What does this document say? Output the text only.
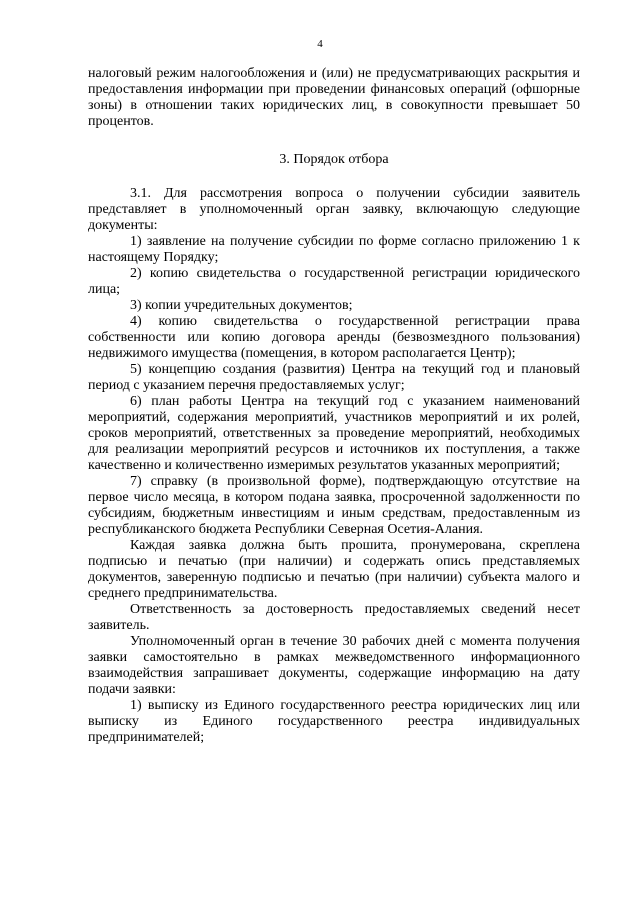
4

налоговый режим налогообложения и (или) не предусматривающих раскрытия и предоставления информации при проведении финансовых операций (офшорные зоны) в отношении таких юридических лиц, в совокупности превышает 50 процентов.

3. Порядок отбора

3.1. Для рассмотрения вопроса о получении субсидии заявитель представляет в уполномоченный орган заявку, включающую следующие документы:

1) заявление на получение субсидии по форме согласно приложению 1 к настоящему Порядку;

2) копию свидетельства о государственной регистрации юридического лица;

3) копии учредительных документов;

4) копию свидетельства о государственной регистрации права собственности или копию договора аренды (безвозмездного пользования) недвижимого имущества (помещения, в котором располагается Центр);

5) концепцию создания (развития) Центра на текущий год и плановый период с указанием перечня предоставляемых услуг;

6) план работы Центра на текущий год с указанием наименований мероприятий, содержания мероприятий, участников мероприятий и их ролей, сроков мероприятий, ответственных за проведение мероприятий, необходимых для реализации мероприятий ресурсов и источников их поступления, а также качественно и количественно измеримых результатов указанных мероприятий;

7) справку (в произвольной форме), подтверждающую отсутствие на первое число месяца, в котором подана заявка, просроченной задолженности по субсидиям, бюджетным инвестициям и иным средствам, предоставленным из республиканского бюджета Республики Северная Осетия-Алания.

Каждая заявка должна быть прошита, пронумерована, скреплена подписью и печатью (при наличии) и содержать опись представляемых документов, заверенную подписью и печатью (при наличии) субъекта малого и среднего предпринимательства.

Ответственность за достоверность предоставляемых сведений несет заявитель.

Уполномоченный орган в течение 30 рабочих дней с момента получения заявки самостоятельно в рамках межведомственного информационного взаимодействия запрашивает документы, содержащие информацию на дату подачи заявки:

1) выписку из Единого государственного реестра юридических лиц или выписку из Единого государственного реестра индивидуальных предпринимателей;
